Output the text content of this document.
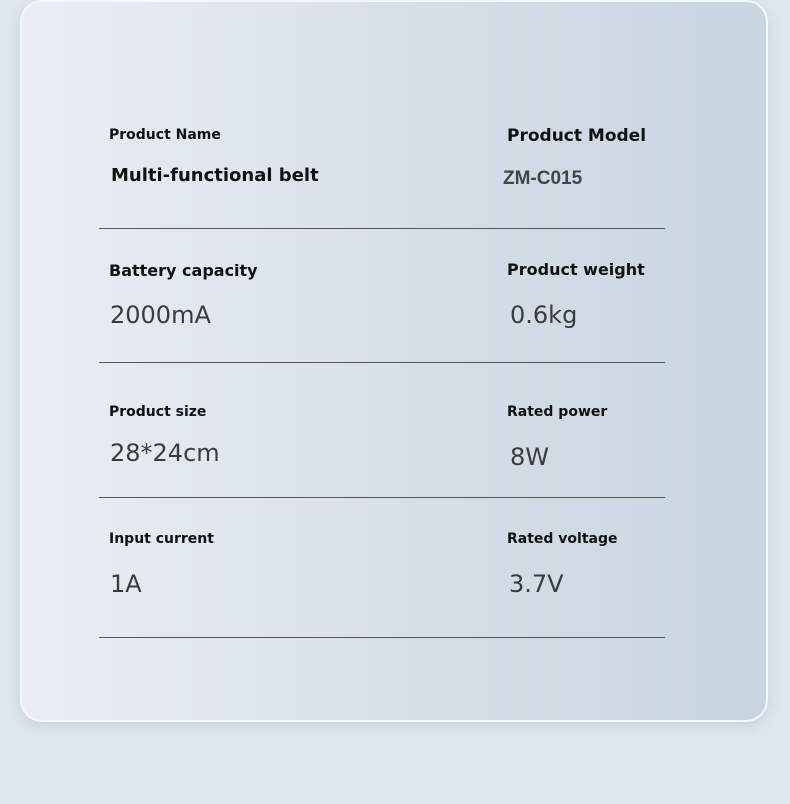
Product Name
Multi-functional belt
Product Model
ZM-C015
Battery capacity
2000mA
Product weight
0.6kg
Product size
28*24cm
Rated power
8W
Input current
1A
Rated voltage
3.7V
